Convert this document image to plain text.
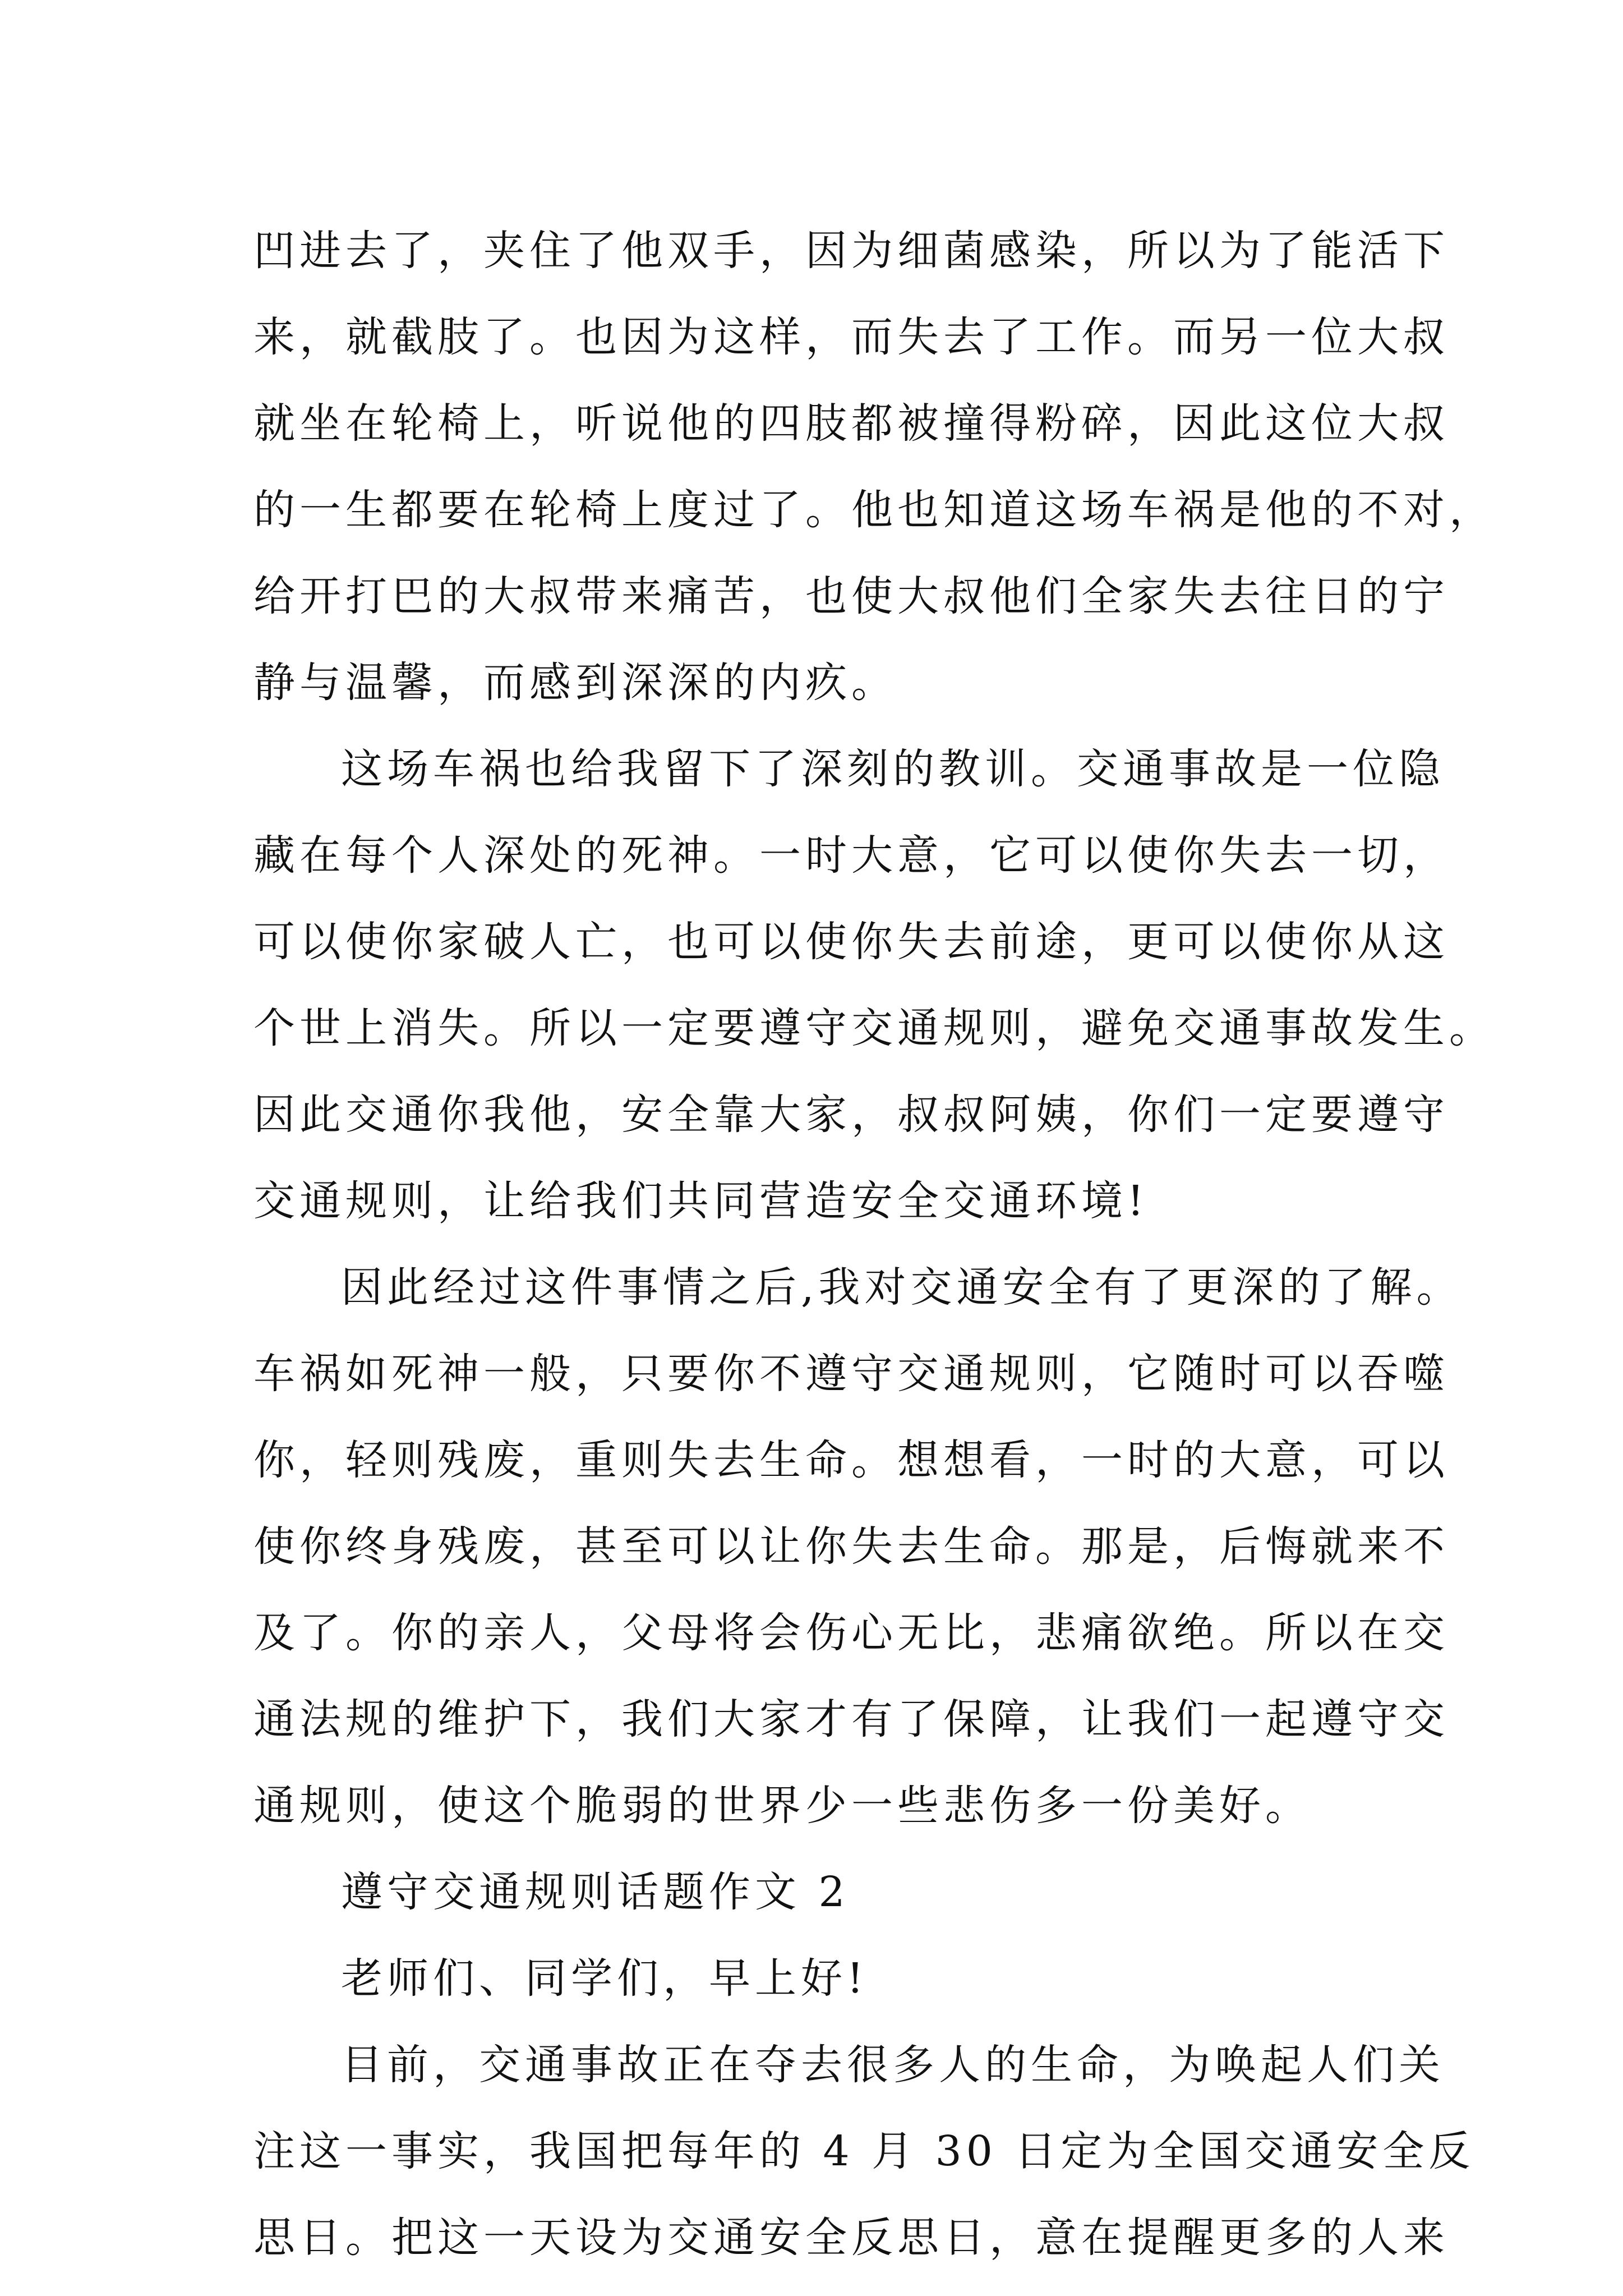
凹进去了，夹住了他双手，因为细菌感染，所以为了能活下
来，就截肢了。也因为这样，而失去了工作。而另一位大叔
就坐在轮椅上，听说他的四肢都被撞得粉碎，因此这位大叔
的一生都要在轮椅上度过了。他也知道这场车祸是他的不对，
给开打巴的大叔带来痛苦，也使大叔他们全家失去往日的宁
静与温馨，而感到深深的内疚。
这场车祸也给我留下了深刻的教训。交通事故是一位隐
藏在每个人深处的死神。一时大意，它可以使你失去一切，
可以使你家破人亡，也可以使你失去前途，更可以使你从这
个世上消失。所以一定要遵守交通规则，避免交通事故发生。
因此交通你我他，安全靠大家，叔叔阿姨，你们一定要遵守
交通规则，让给我们共同营造安全交通环境!
因此经过这件事情之后,我对交通安全有了更深的了解。
车祸如死神一般，只要你不遵守交通规则，它随时可以吞噬
你，轻则残废，重则失去生命。想想看，一时的大意，可以
使你终身残废，甚至可以让你失去生命。那是，后悔就来不
及了。你的亲人，父母将会伤心无比，悲痛欲绝。所以在交
通法规的维护下，我们大家才有了保障，让我们一起遵守交
通规则，使这个脆弱的世界少一些悲伤多一份美好。
遵守交通规则话题作文 2
老师们、同学们，早上好!
目前，交通事故正在夺去很多人的生命，为唤起人们关
注这一事实，我国把每年的 4 月 30 日定为全国交通安全反
思日。把这一天设为交通安全反思日，意在提醒更多的人来
